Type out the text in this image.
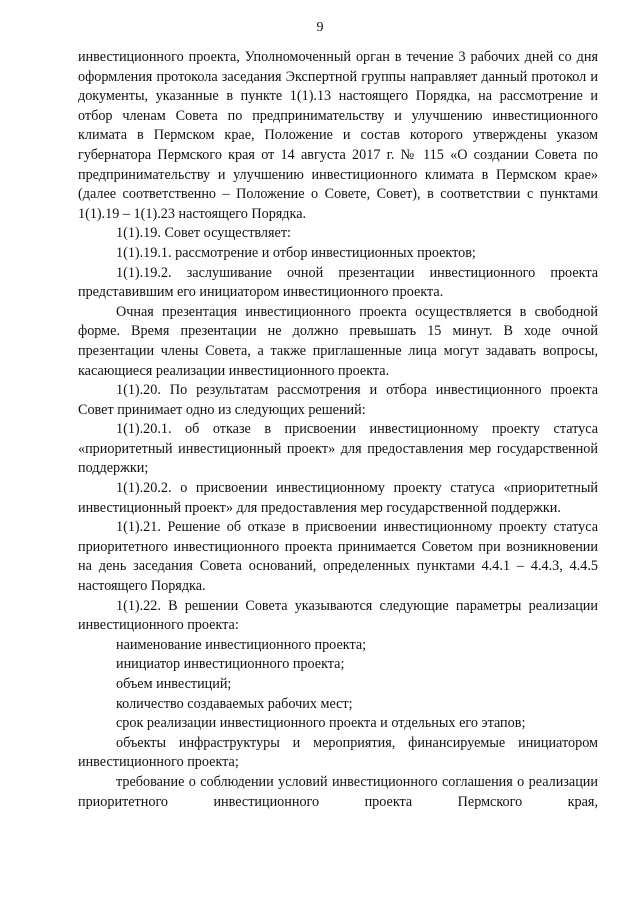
9

инвестиционного проекта, Уполномоченный орган в течение 3 рабочих дней со дня оформления протокола заседания Экспертной группы направляет данный протокол и документы, указанные в пункте 1(1).13 настоящего Порядка, на рассмотрение и отбор членам Совета по предпринимательству и улучшению инвестиционного климата в Пермском крае, Положение и состав которого утверждены указом губернатора Пермского края от 14 августа 2017 г. № 115 «О создании Совета по предпринимательству и улучшению инвестиционного климата в Пермском крае» (далее соответственно – Положение о Совете, Совет), в соответствии с пунктами 1(1).19 – 1(1).23 настоящего Порядка.

1(1).19. Совет осуществляет:

1(1).19.1. рассмотрение и отбор инвестиционных проектов;

1(1).19.2. заслушивание очной презентации инвестиционного проекта представившим его инициатором инвестиционного проекта.

Очная презентация инвестиционного проекта осуществляется в свободной форме. Время презентации не должно превышать 15 минут. В ходе очной презентации члены Совета, а также приглашенные лица могут задавать вопросы, касающиеся реализации инвестиционного проекта.

1(1).20. По результатам рассмотрения и отбора инвестиционного проекта Совет принимает одно из следующих решений:

1(1).20.1. об отказе в присвоении инвестиционному проекту статуса «приоритетный инвестиционный проект» для предоставления мер государственной поддержки;

1(1).20.2. о присвоении инвестиционному проекту статуса «приоритетный инвестиционный проект» для предоставления мер государственной поддержки.

1(1).21. Решение об отказе в присвоении инвестиционному проекту статуса приоритетного инвестиционного проекта принимается Советом при возникновении на день заседания Совета оснований, определенных пунктами 4.4.1 – 4.4.3, 4.4.5 настоящего Порядка.

1(1).22. В решении Совета указываются следующие параметры реализации инвестиционного проекта:

наименование инвестиционного проекта;

инициатор инвестиционного проекта;

объем инвестиций;

количество создаваемых рабочих мест;

срок реализации инвестиционного проекта и отдельных его этапов;

объекты инфраструктуры и мероприятия, финансируемые инициатором инвестиционного проекта;

требование о соблюдении условий инвестиционного соглашения о реализации приоритетного инвестиционного проекта Пермского края,
